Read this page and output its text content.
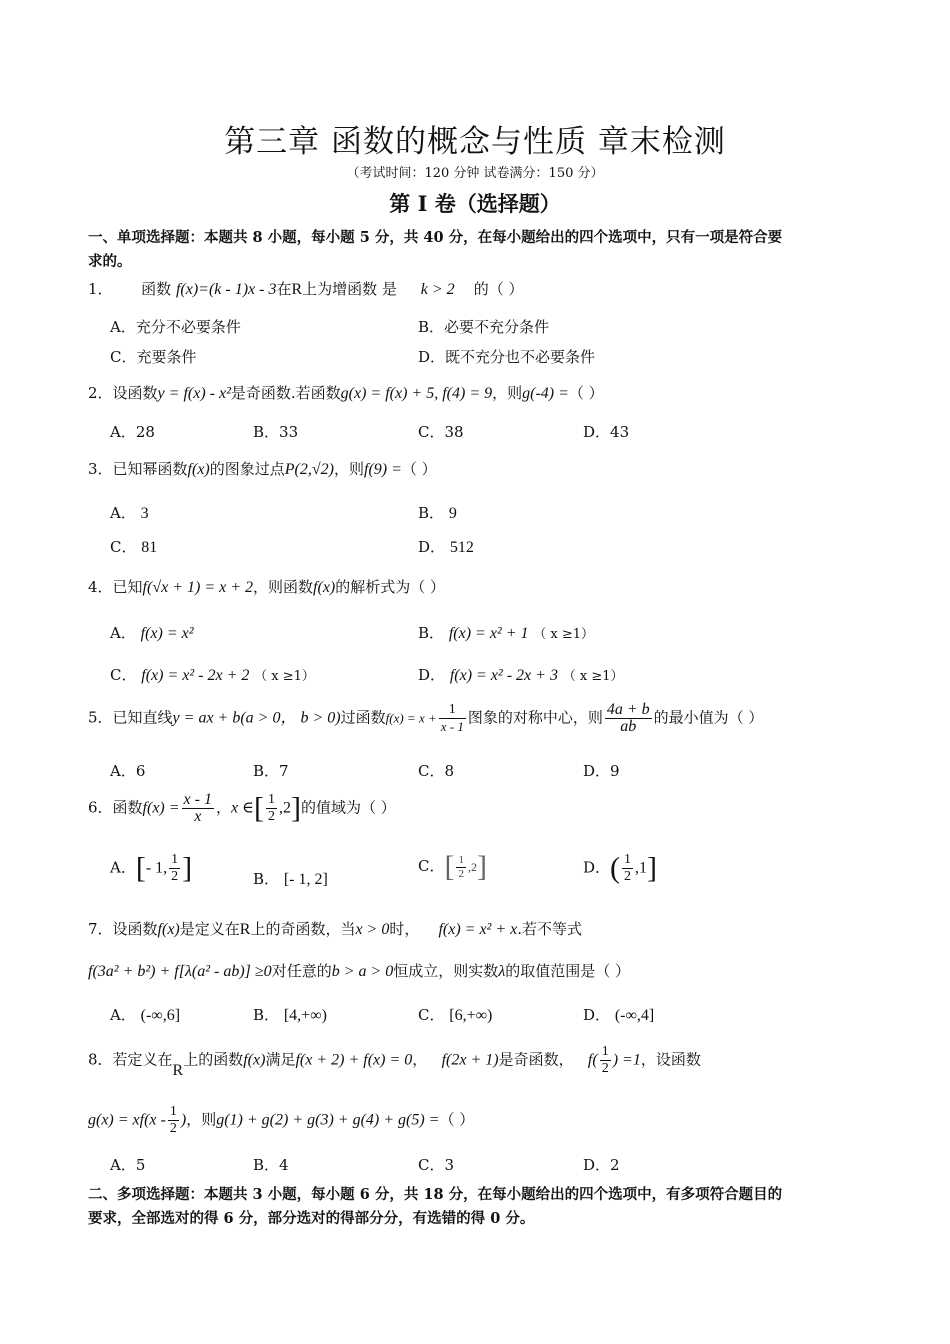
第三章 函数的概念与性质 章末检测
（考试时间：120 分钟 试卷满分：150 分）
第 I 卷（选择题）
一、单项选择题：本题共 8 小题，每小题 5 分，共 40 分，在每小题给出的四个选项中，只有一项是符合要
求的。
1． 函数 f(x)=(k - 1)x - 3在R上为增函数 是 k > 2 的（ ）
A．充分不必要条件	B．必要不充分条件
C．充要条件	D．既不充分也不必要条件
2．设函数y = f(x) - x²是奇函数.若函数g(x) = f(x) + 5, f(4) = 9，则g(-4) =（ ）
A．28	B．33	C．38	D．43
3．已知幂函数f(x)的图象过点P(2,√2)，则f(9) =（ ）
A． 3	B． 9
C． 81	D． 512
4．已知f(√x + 1) = x + 2，则函数f(x)的解析式为（ ）
A． f(x) = x²	B． f(x) = x² + 1 （ x ≥1）
C． f(x) = x² - 2x + 2 （ x ≥1）	D． f(x) = x² - 2x + 3 （ x ≥1）
5．已知直线y = ax + b(a > 0， b > 0)过函数$f(x) = x + \frac{1}{x - 1}$ 图象的对称中心，则 $\frac{4a + b}{ab}$ 的最小值为（ ）
A．6	B．7	C．8	D．9
6．函数$f(x) = \frac{x - 1}{x}$ ，x ∈[ $\frac{1}{2} ,2$]的值域为（ ）
A．[- 1, $\frac{1}{2}$ ]	B． [- 1, 2]
C．[ $\frac{1}{2} ,2$]	D．( $\frac{1}{2} ,1$]
7．设函数f(x)是定义在R上的奇函数，当x > 0时， f(x) = x² + x.若不等式
f(3a² + b²) + f[λ(a² - ab)] ≥0对任意的b > a > 0恒成立，则实数λ的取值范围是（ ）
A． (-∞,6]	B． [4,+∞)	C． [6,+∞)	D． (-∞,4]
8．若定义在R上的函数f(x)满足f(x + 2) + f(x) = 0， f(2x + 1)是奇函数， $f( \frac{1}{2}$ ) =1，设函数
$g(x) = xf(x - \frac{1}{2}$ )，则g(1) + g(2) + g(3) + g(4) + g(5) =（ ）
A．5	B．4	C．3	D．2
二、多项选择题：本题共 3 小题，每小题 6 分，共 18 分，在每小题给出的四个选项中，有多项符合题目的
要求，全部选对的得 6 分，部分选对的得部分分，有选错的得 0 分。
